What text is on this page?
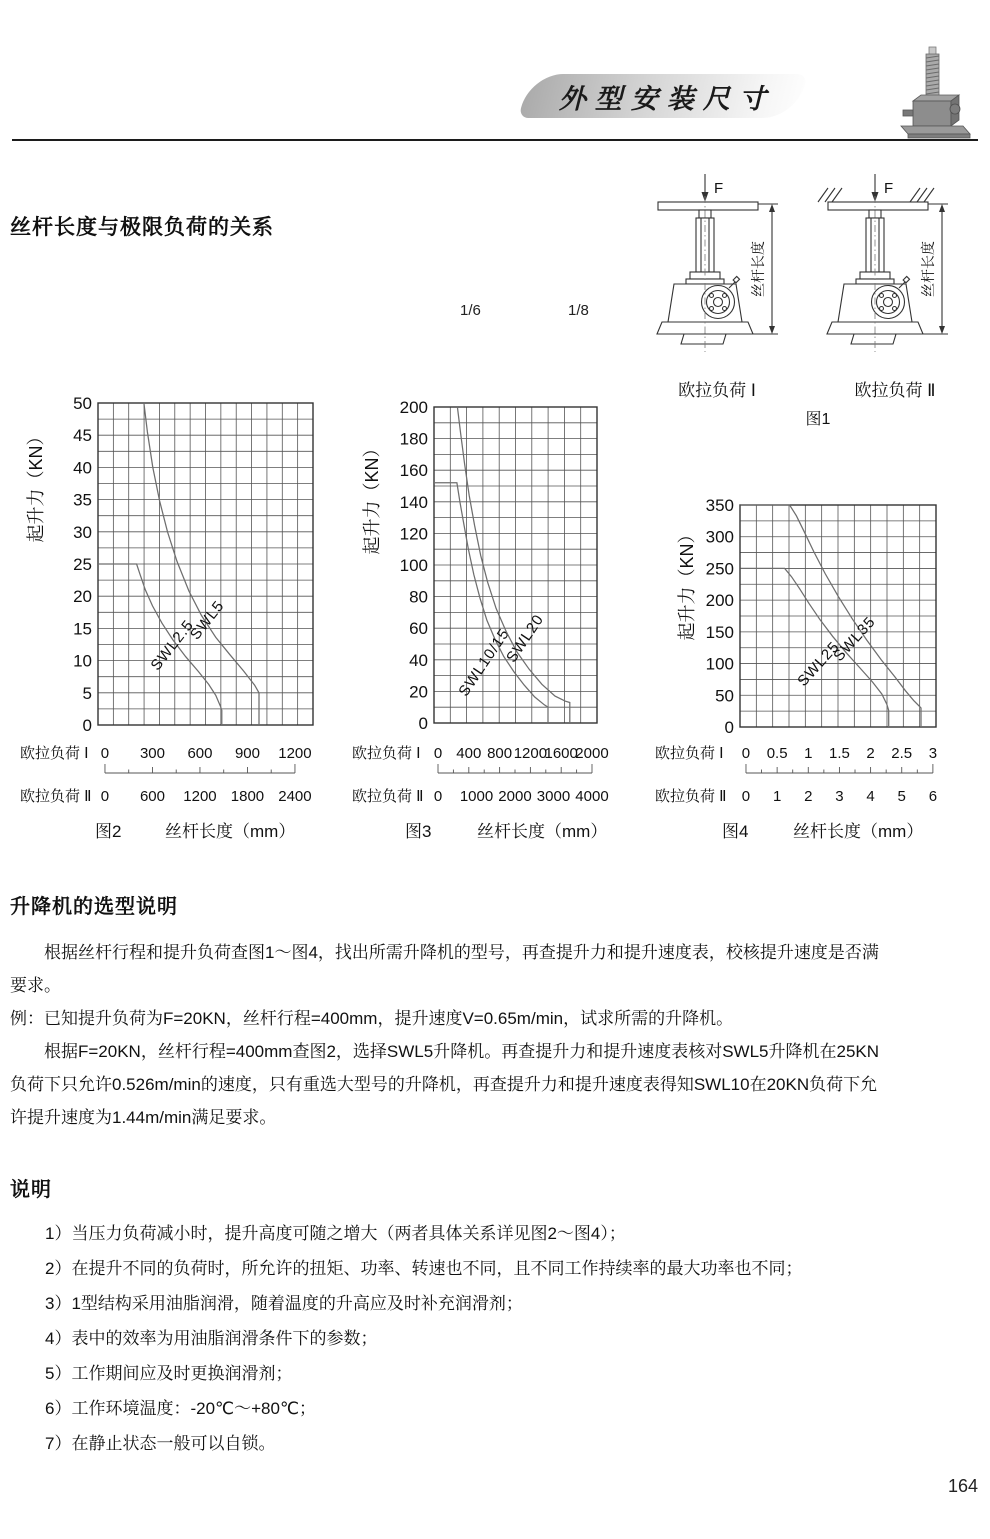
外型安装尺寸
丝杆长度与极限负荷的关系
1/6	1/8
F
丝杆长度
F
丝杆长度
欧拉负荷 Ⅰ	欧拉负荷 Ⅱ
图1
SWL2.5
SWL5
50
45
40
35
30
25
20
15
10
5
0
起升力（KN）
欧拉负荷 Ⅰ
欧拉负荷 Ⅱ
0 300 600 900 1200
0 600 1200 1800 2400
图2	丝杆长度（mm）
SWL10/15
SWL20
200
180
160
140
120
100
80
60
40
20
0
起升力（KN）
欧拉负荷 Ⅰ
欧拉负荷 Ⅱ
0 400 800 1200
1600
2000
0 1000 2000 3000 4000
图3	丝杆长度（mm）
SWL25
SWL35
350
300
250
200
150
100
50
0
起升力（KN）
欧拉负荷 Ⅰ
欧拉负荷 Ⅱ
0 0.5 1 1.5 2 2.5 3
0 1 2 3 4 5 6
图4	丝杆长度（mm）
升降机的选型说明
根据丝杆行程和提升负荷查图1～图4，找出所需升降机的型号，再查提升力和提升速度表，校核提升速度是否满
要求。
例：已知提升负荷为F=20KN，丝杆行程=400mm，提升速度V=0.65m/min，试求所需的升降机。
根据F=20KN，丝杆行程=400mm查图2，选择SWL5升降机。再查提升力和提升速度表核对SWL5升降机在25KN
负荷下只允许0.526m/min的速度，只有重选大型号的升降机，再查提升力和提升速度表得知SWL10在20KN负荷下允
许提升速度为1.44m/min满足要求。
说明
1）当压力负荷减小时，提升高度可随之增大（两者具体关系详见图2～图4）；
2）在提升不同的负荷时，所允许的扭矩、功率、转速也不同，且不同工作持续率的最大功率也不同；
3）1型结构采用油脂润滑，随着温度的升高应及时补充润滑剂；
4）表中的效率为用油脂润滑条件下的参数；
5）工作期间应及时更换润滑剂；
6）工作环境温度：-20℃～+80℃；
7）在静止状态一般可以自锁。
164
